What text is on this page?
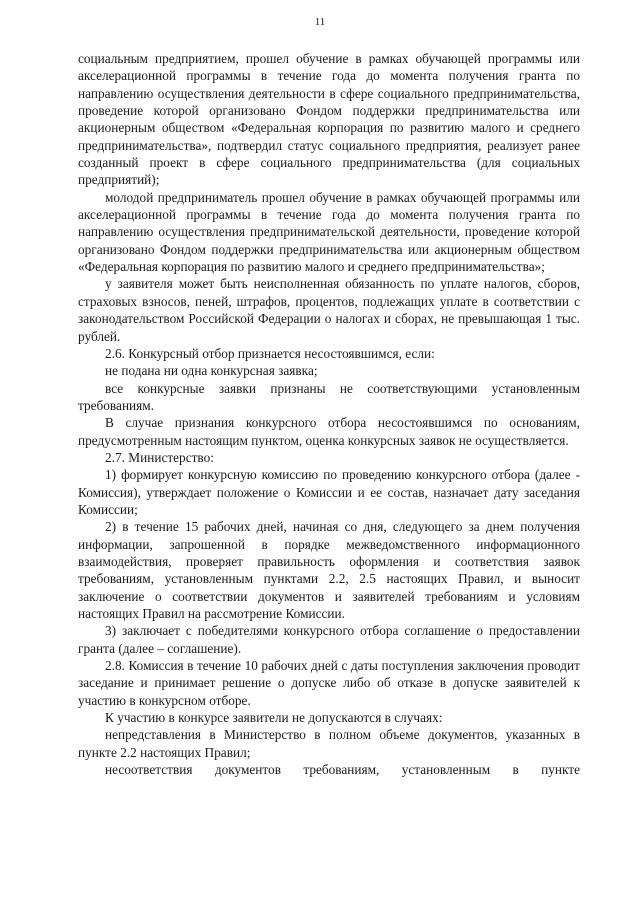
11

социальным предприятием, прошел обучение в рамках обучающей программы или акселерационной программы в течение года до момента получения гранта по направлению осуществления деятельности в сфере социального предпринимательства, проведение которой организовано Фондом поддержки предпринимательства или акционерным обществом «Федеральная корпорация по развитию малого и среднего предпринимательства», подтвердил статус социального предприятия, реализует ранее созданный проект в сфере социального предпринимательства (для социальных предприятий);

молодой предприниматель прошел обучение в рамках обучающей программы или акселерационной программы в течение года до момента получения гранта по направлению осуществления предпринимательской деятельности, проведение которой организовано Фондом поддержки предпринимательства или акционерным обществом «Федеральная корпорация по развитию малого и среднего предпринимательства»;

у заявителя может быть неисполненная обязанность по уплате налогов, сборов, страховых взносов, пеней, штрафов, процентов, подлежащих уплате в соответствии с законодательством Российской Федерации о налогах и сборах, не превышающая 1 тыс. рублей.

2.6. Конкурсный отбор признается несостоявшимся, если:

не подана ни одна конкурсная заявка;

все конкурсные заявки признаны не соответствующими установленным требованиям.

В случае признания конкурсного отбора несостоявшимся по основаниям, предусмотренным настоящим пунктом, оценка конкурсных заявок не осуществляется.

2.7. Министерство:

1) формирует конкурсную комиссию по проведению конкурсного отбора (далее - Комиссия), утверждает положение о Комиссии и ее состав, назначает дату заседания Комиссии;

2) в течение 15 рабочих дней, начиная со дня, следующего за днем получения информации, запрошенной в порядке межведомственного информационного взаимодействия, проверяет правильность оформления и соответствия заявок требованиям, установленным пунктами 2.2, 2.5 настоящих Правил, и выносит заключение о соответствии документов и заявителей требованиям и условиям настоящих Правил на рассмотрение Комиссии.

3) заключает с победителями конкурсного отбора соглашение о предоставлении гранта (далее – соглашение).

2.8. Комиссия в течение 10 рабочих дней с даты поступления заключения проводит заседание и принимает решение о допуске либо об отказе в допуске заявителей к участию в конкурсном отборе.

К участию в конкурсе заявители не допускаются в случаях:

непредставления в Министерство в полном объеме документов, указанных в пункте 2.2 настоящих Правил;

несоответствия документов требованиям, установленным в пункте
